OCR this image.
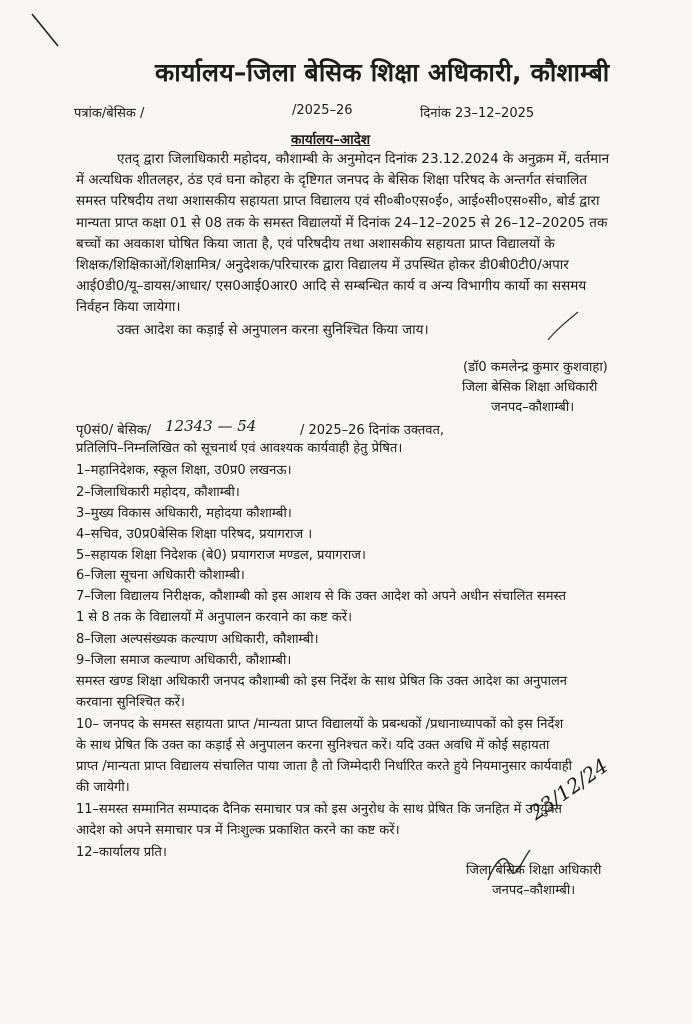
कार्यालय–जिला बेसिक शिक्षा अधिकारी, कौशाम्बी
पत्रांक/बेसिक /	/2025–26	दिनांक 23–12–2025
कार्यालय–आदेश
एतद् द्वारा जिलाधिकारी महोदय, कौशाम्बी के अनुमोदन दिनांक 23.12.2024 के अनुक्रम में, वर्तमान
में अत्यधिक शीतलहर, ठंड एवं घना कोहरा के दृष्टिगत जनपद के बेसिक शिक्षा परिषद के अन्तर्गत संचालित
समस्त परिषदीय तथा अशासकीय सहायता प्राप्त विद्यालय एवं सी०बी०एस०ई०, आई०सी०एस०सी०, बोर्ड द्वारा
मान्यता प्राप्त कक्षा 01 से 08 तक के समस्त विद्यालयों में दिनांक 24–12–2025 से 26–12–20205 तक
बच्चों का अवकाश घोषित किया जाता है, एवं परिषदीय तथा अशासकीय सहायता प्राप्त विद्यालयों के
शिक्षक/शिक्षिकाओं/शिक्षामित्र/ अनुदेशक/परिचारक द्वारा विद्यालय में उपस्थित होकर डी0बी0टी0/अपार
आई0डी0/यू–डायस/आधार/ एस0आई0आर0 आदि से सम्बन्धित कार्य व अन्य विभागीय कार्यो का ससमय
निर्वहन किया जायेगा।
उक्त आदेश का कड़ाई से अनुपालन करना सुनिश्चित किया जाय।
(डॉ0 कमलेन्द्र कुमार कुशवाहा)
जिला बेसिक शिक्षा अधिकारी
जनपद–कौशाम्बी।
पृ0सं0/ बेसिक/ 12343 — 54	/ 2025–26 दिनांक उक्तवत,
प्रतिलिपि–निम्नलिखित को सूचनार्थ एवं आवश्यक कार्यवाही हेतु प्रेषित।
1–महानिदेशक, स्कूल शिक्षा, उ0प्र0 लखनऊ।
2–जिलाधिकारी महोदय, कौशाम्बी।
3–मुख्य विकास अधिकारी, महोदया कौशाम्बी।
4–सचिव, उ0प्र0बेसिक शिक्षा परिषद, प्रयागराज ।
5–सहायक शिक्षा निदेशक (बे0) प्रयागराज मण्डल, प्रयागराज।
6–जिला सूचना अधिकारी कौशाम्बी।
7–जिला विद्यालय निरीक्षक, कौशाम्बी को इस आशय से कि उक्त आदेश को अपने अधीन संचालित समस्त
1 से 8 तक के विद्यालयों में अनुपालन करवाने का कष्ट करें।
8–जिला अल्पसंख्यक कल्याण अधिकारी, कौशाम्बी।
9–जिला समाज कल्याण अधिकारी, कौशाम्बी।
समस्त खण्ड शिक्षा अधिकारी जनपद कौशाम्बी को इस निर्देश के साथ प्रेषित कि उक्त आदेश का अनुपालन
करवाना सुनिश्चित करें।
10– जनपद के समस्त सहायता प्राप्त /मान्यता प्राप्त विद्यालयों के प्रबन्धकों /प्रधानाध्यापकों को इस निर्देश
के साथ प्रेषित कि उक्त का कड़ाई से अनुपालन करना सुनिश्चत करें। यदि उक्त अवधि में कोई सहायता
प्राप्त /मान्यता प्राप्त विद्यालय संचालित पाया जाता है तो जिम्मेदारी निर्धारित करते हुये नियमानुसार कार्यवाही
की जायेगी।
11–समस्त सम्मानित सम्पादक दैनिक समाचार पत्र को इस अनुरोध के साथ प्रेषित कि जनहित में उपर्युक्त
आदेश को अपने समाचार पत्र में निःशुल्क प्रकाशित करने का कष्ट करें।
12–कार्यालय प्रति।
23/12/24
जिला बेसिक शिक्षा अधिकारी
जनपद–कौशाम्बी।
